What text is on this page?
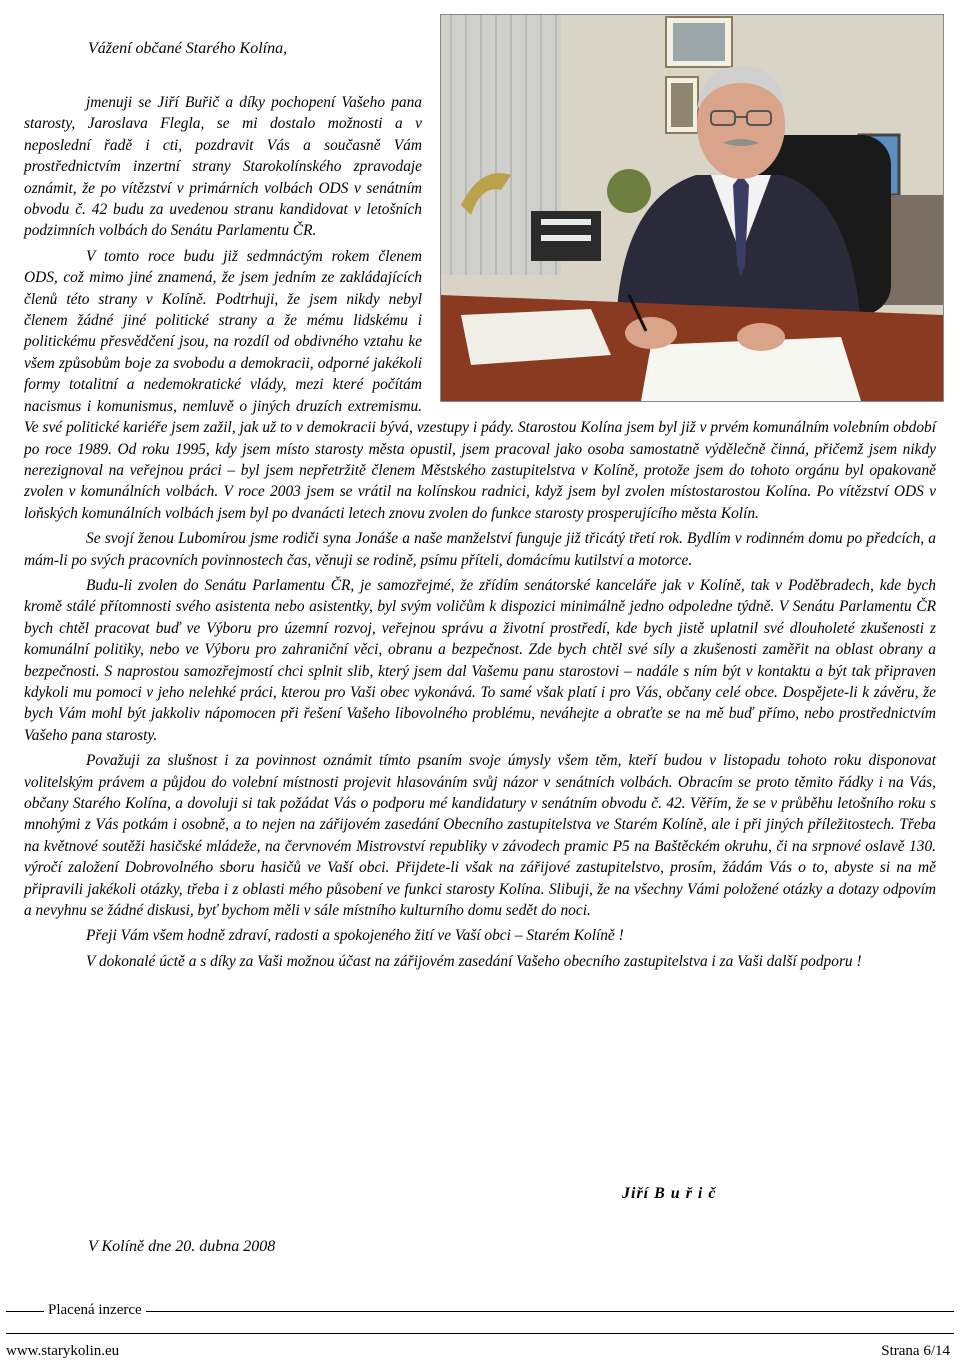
Vážení občané Starého Kolína,

jmenuji se Jiří Buřič a díky pochopení Vašeho pana starosty, Jaroslava Flegla, se mi dostalo možnosti a v neposlední řadě i cti, pozdravit Vás a současně Vám prostřednictvím inzertní strany Starokolínského zpravodaje oznámit, že po vítězství v primárních volbách ODS v senátním obvodu č. 42 budu za uvedenou stranu kandidovat v letošních podzimních volbách do Senátu Parlamentu ČR.

V tomto roce budu již sedmnáctým rokem členem ODS, což mimo jiné znamená, že jsem jedním ze zakládajících členů této strany v Kolíně. Podtrhuji, že jsem nikdy nebyl členem žádné jiné politické strany a že mému lidskému i politickému přesvědčení jsou, na rozdíl od obdivného vztahu ke všem způsobům boje za svobodu a demokracii, odporné jakékoli formy totalitní a nedemokratické vlády, mezi které počítám nacismus i komunismus, nemluvě o jiných druzích extremismu. Ve své politické kariéře jsem zažil, jak už to v demokracii bývá, vzestupy i pády. Starostou Kolína jsem byl již v prvém komunálním volebním období po roce 1989. Od roku 1995, kdy jsem místo starosty města opustil, jsem pracoval jako osoba samostatně výdělečně činná, přičemž jsem nikdy nerezignoval na veřejnou práci – byl jsem nepřetržitě členem Městského zastupitelstva v Kolíně, protože jsem do tohoto orgánu byl opakovaně zvolen v komunálních volbách. V roce 2003 jsem se vrátil na kolínskou radnici, když jsem byl zvolen místostarostou Kolína. Po vítězství ODS v loňských komunálních volbách jsem byl po dvanácti letech znovu zvolen do funkce starosty prosperujícího města Kolín.

Se svojí ženou Lubomírou jsme rodiči syna Jonáše a naše manželství funguje již třicátý třetí rok. Bydlím v rodinném domu po předcích, a mám-li po svých pracovních povinnostech čas, věnuji se rodině, psímu příteli, domácímu kutilství a motorce.

Budu-li zvolen do Senátu Parlamentu ČR, je samozřejmé, že zřídím senátorské kanceláře jak v Kolíně, tak v Poděbradech, kde bych kromě stálé přítomnosti svého asistenta nebo asistentky, byl svým voličům k dispozici minimálně jedno odpoledne týdně. V Senátu Parlamentu ČR bych chtěl pracovat buď ve Výboru pro územní rozvoj, veřejnou správu a životní prostředí, kde bych jistě uplatnil své dlouholeté zkušenosti z komunální politiky, nebo ve Výboru pro zahraniční věci, obranu a bezpečnost. Zde bych chtěl své síly a zkušenosti zaměřit na oblast obrany a bezpečnosti. S naprostou samozřejmostí chci splnit slib, který jsem dal Vašemu panu starostovi – nadále s ním být v kontaktu a být tak připraven kdykoli mu pomoci v jeho nelehké práci, kterou pro Vaši obec vykonává. To samé však platí i pro Vás, občany celé obce. Dospějete-li k závěru, že bych Vám mohl být jakkoliv nápomocen při řešení Vašeho libovolného problému, neváhejte a obraťte se na mě buď přímo, nebo prostřednictvím Vašeho pana starosty.

Považuji za slušnost i za povinnost oznámit tímto psaním svoje úmysly všem těm, kteří budou v listopadu tohoto roku disponovat volitelským právem a půjdou do volební místnosti projevit hlasováním svůj názor v senátních volbách. Obracím se proto těmito řádky i na Vás, občany Starého Kolína, a dovoluji si tak požádat Vás o podporu mé kandidatury v senátním obvodu č. 42. Věřím, že se v průběhu letošního roku s mnohými z Vás potkám i osobně, a to nejen na zářijovém zasedání Obecního zastupitelstva ve Starém Kolíně, ale i při jiných příležitostech. Třeba na květnové soutěži hasičské mládeže, na červnovém Mistrovství republiky v závodech pramic P5 na Baštěckém okruhu, či na srpnové oslavě 130. výročí založení Dobrovolného sboru hasičů ve Vaší obci. Přijdete-li však na zářijové zastupitelstvo, prosím, žádám Vás o to, abyste si na mě připravili jakékoli otázky, třeba i z oblasti mého působení ve funkci starosty Kolína. Slibuji, že na všechny Vámi položené otázky a dotazy odpovím a nevyhnu se žádné diskusi, byť bychom měli v sále místního kulturního domu sedět do noci.

Přeji Vám všem hodně zdraví, radosti a spokojeného žití ve Vaší obci – Starém Kolíně !

V dokonalé úctě a s díky za Vaši možnou účast na zářijovém zasedání Vašeho obecního zastupitelstva i za Vaši další podporu !

Jiří B u ř i č
V Kolíně dne 20. dubna 2008
Placená inzerce
www.starykolin.eu	Strana 6/14
